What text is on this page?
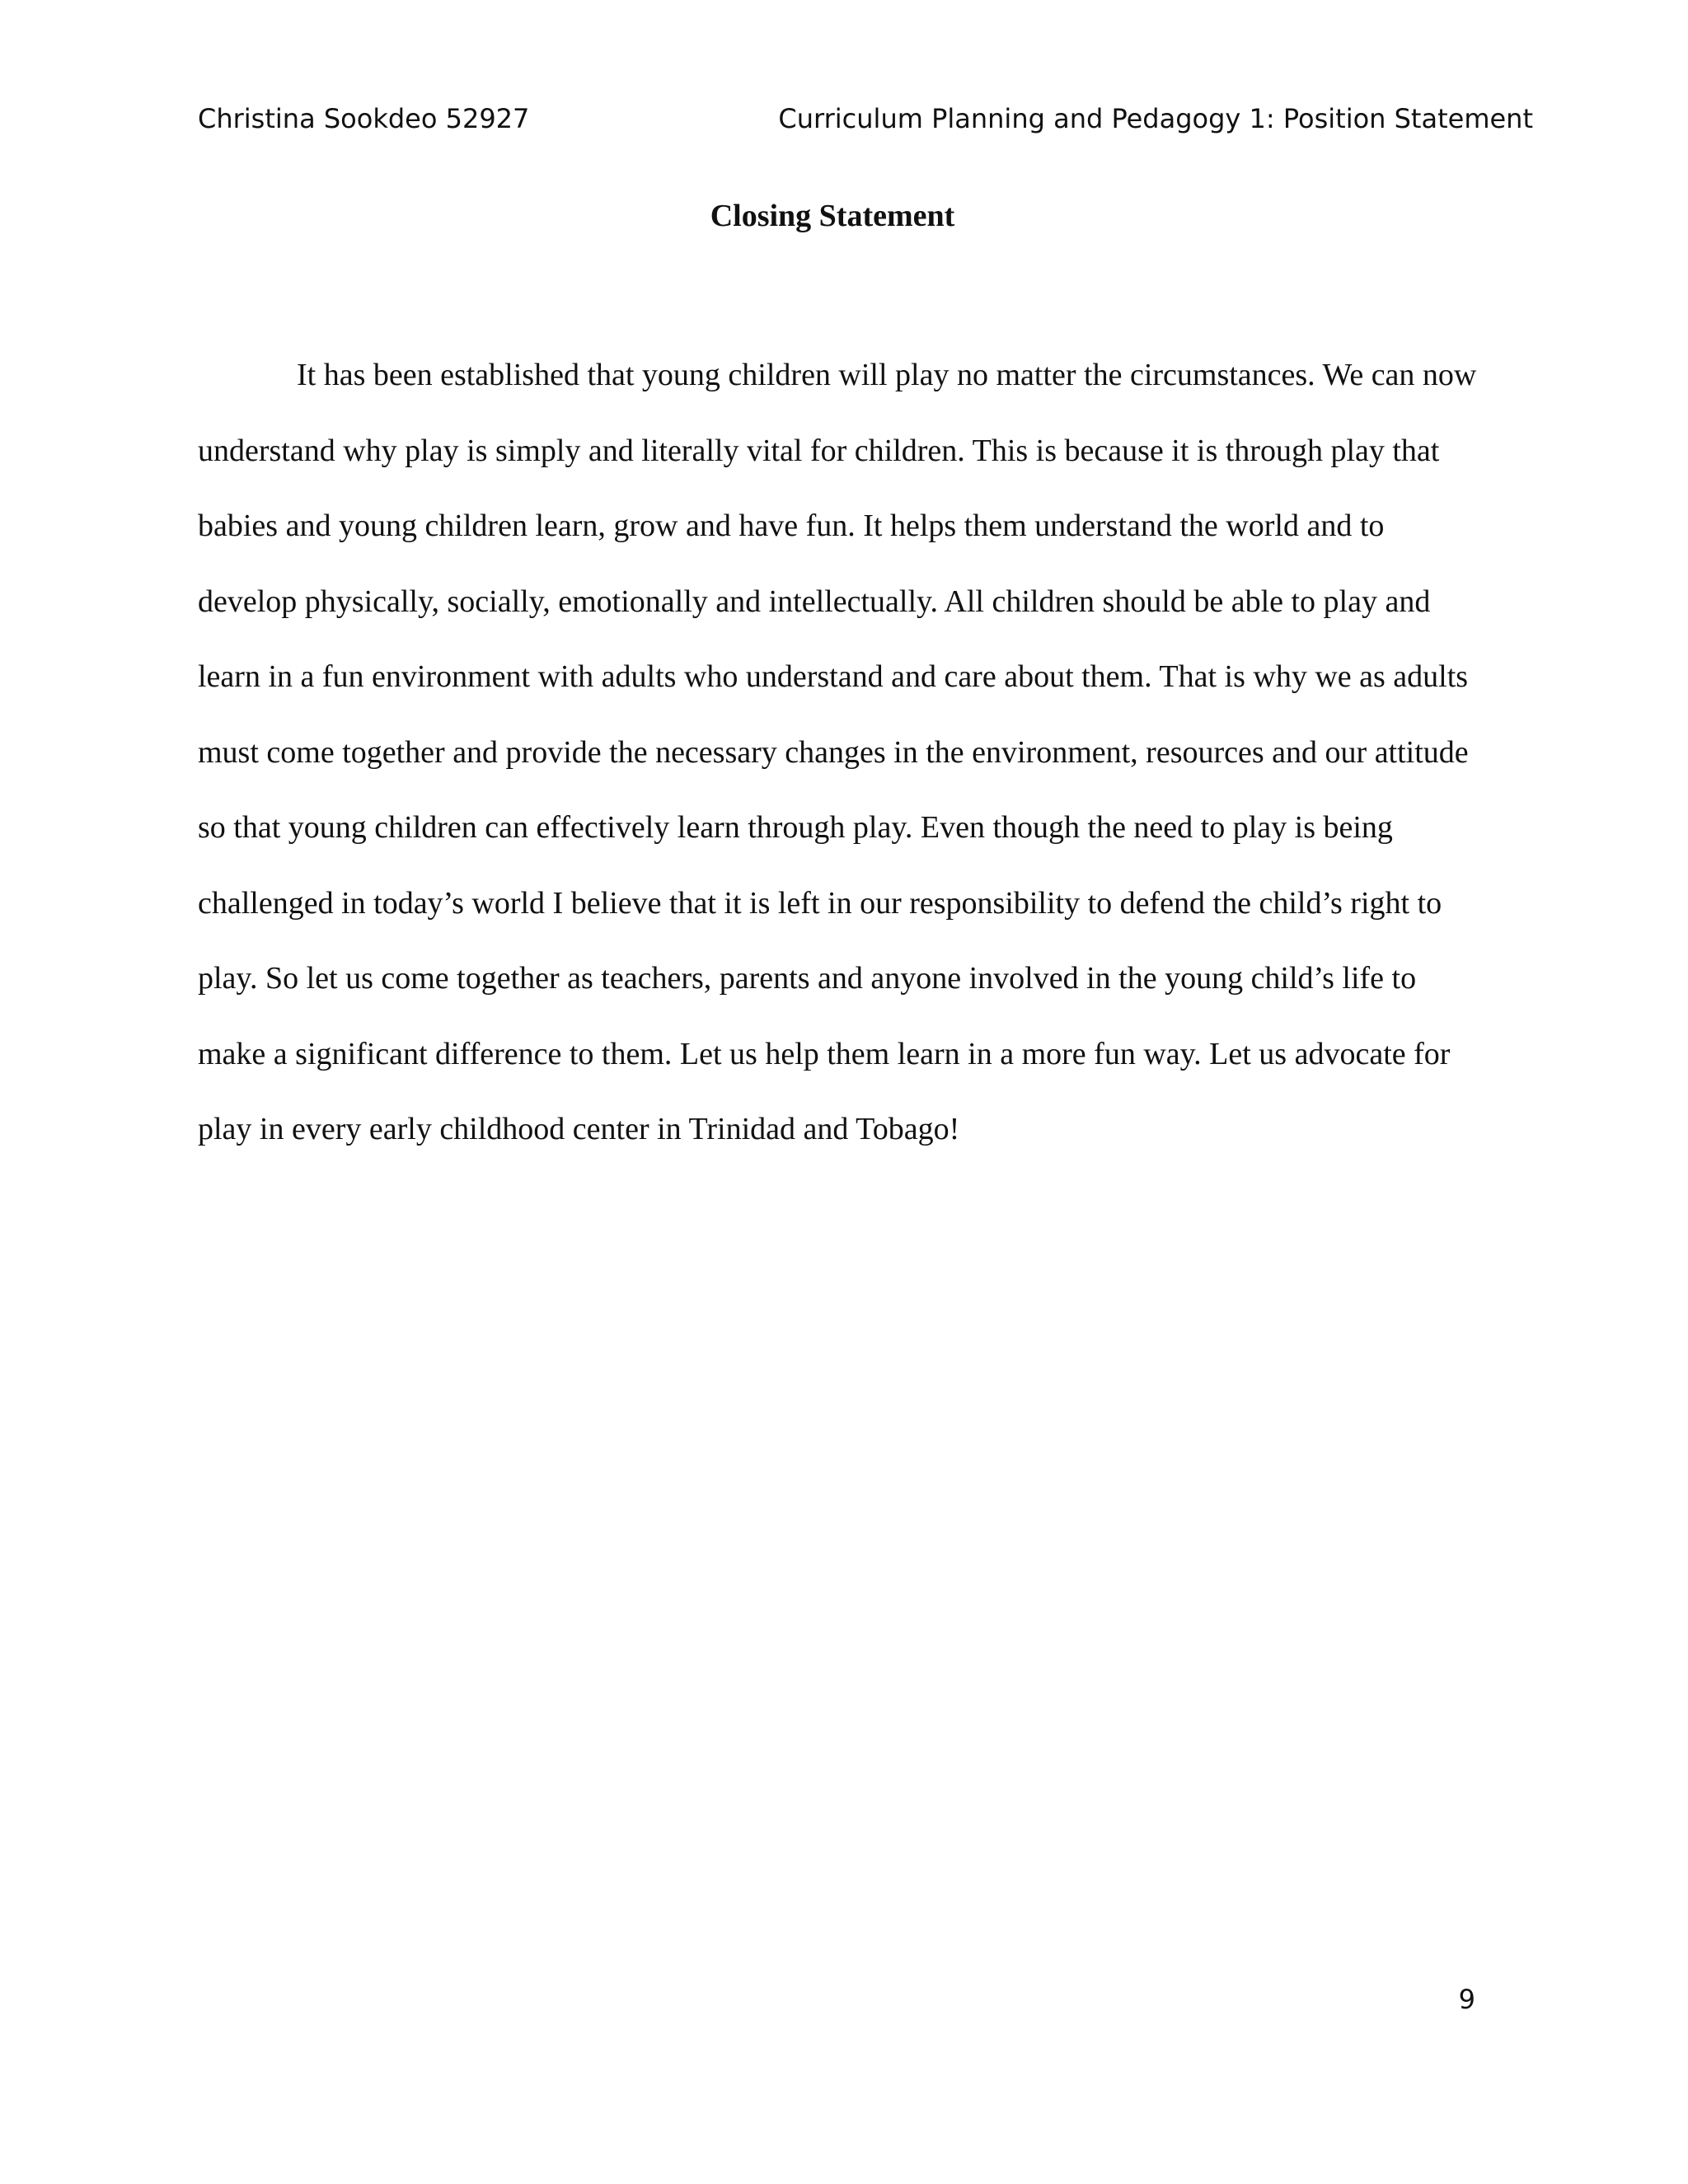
Christina Sookdeo 52927	Curriculum Planning and Pedagogy 1: Position Statement
Closing Statement

It has been established that young children will play no matter the circumstances. We can now understand why play is simply and literally vital for children. This is because it is through play that babies and young children learn, grow and have fun. It helps them understand the world and to develop physically, socially, emotionally and intellectually. All children should be able to play and learn in a fun environment with adults who understand and care about them. That is why we as adults must come together and provide the necessary changes in the environment, resources and our attitude so that young children can effectively learn through play. Even though the need to play is being challenged in today’s world I believe that it is left in our responsibility to defend the child’s right to play. So let us come together as teachers, parents and anyone involved in the young child’s life to make a significant difference to them. Let us help them learn in a more fun way. Let us advocate for play in every early childhood center in Trinidad and Tobago!

9
